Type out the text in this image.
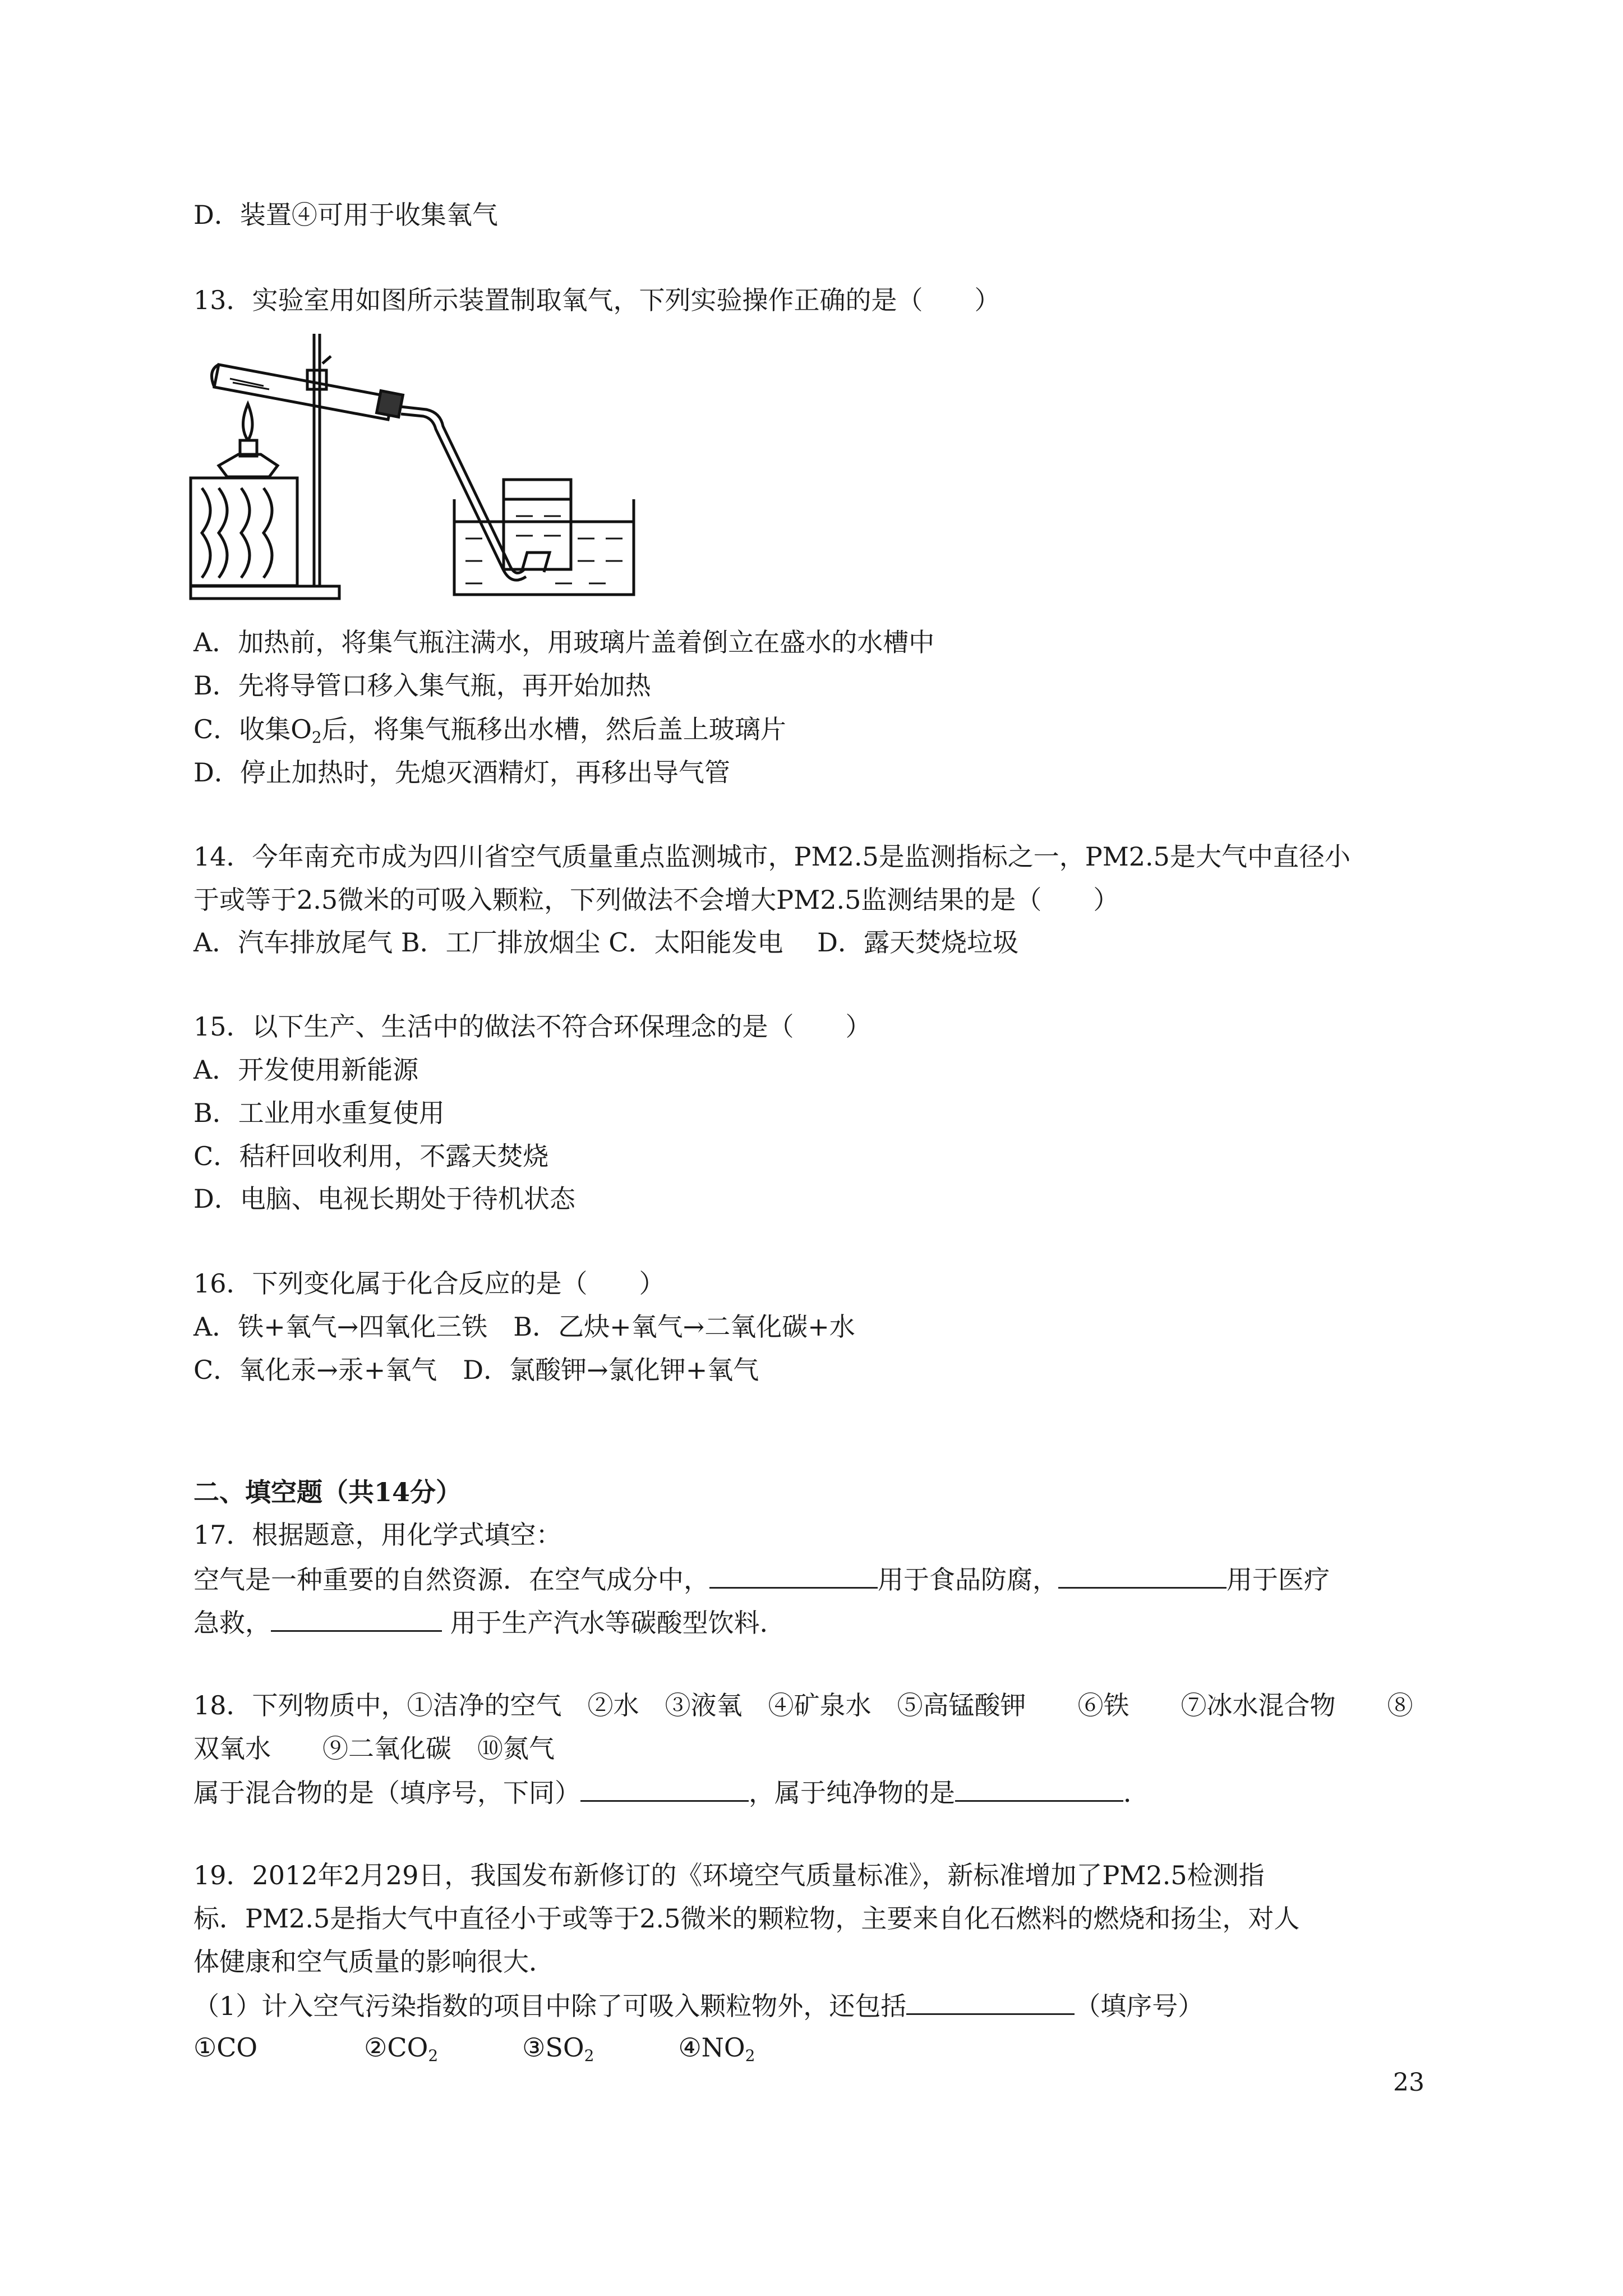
D．装置④可用于收集氧气
13．实验室用如图所示装置制取氧气，下列实验操作正确的是（　　）
A．加热前，将集气瓶注满水，用玻璃片盖着倒立在盛水的水槽中
B．先将导管口移入集气瓶，再开始加热
C．收集$O_2$后，将集气瓶移出水槽，然后盖上玻璃片
D．停止加热时，先熄灭酒精灯，再移出导气管
14．今年南充市成为四川省空气质量重点监测城市，PM2.5是监测指标之一，PM2.5是大气中直径小
于或等于2.5微米的可吸入颗粒，下列做法不会增大PM2.5监测结果的是（　　）
A．汽车排放尾气 B．工厂排放烟尘 C．太阳能发电　 D．露天焚烧垃圾
15．以下生产、生活中的做法不符合环保理念的是（　　）
A．开发使用新能源
B．工业用水重复使用
C．秸秆回收利用，不露天焚烧
D．电脑、电视长期处于待机状态
16．下列变化属于化合反应的是（　　）
A．铁+氧气→四氧化三铁　B．乙炔+氧气→二氧化碳+水
C．氧化汞→汞+氧气　D．氯酸钾→氯化钾+氧气
二、填空题（共14分）
17．根据题意，用化学式填空：
空气是一种重要的自然资源．在空气成分中，	用于食品防腐，	用于医疗
急救，	用于生产汽水等碳酸型饮料．
18．下列物质中，①洁净的空气　②水　③液氧　④矿泉水　⑤高锰酸钾　　⑥铁　　⑦冰水混合物　　⑧
双氧水　　⑨二氧化碳　⑩氮气
属于混合物的是（填序号，下同）	，属于纯净物的是	．
19．2012年2月29日，我国发布新修订的《环境空气质量标准》，新标准增加了PM2.5检测指
标．PM2.5是指大气中直径小于或等于2.5微米的颗粒物，主要来自化石燃料的燃烧和扬尘，对人
体健康和空气质量的影响很大．
（1）计入空气污染指数的项目中除了可吸入颗粒物外，还包括	（填序号）
①CO	$②CO_2$	$③SO_2$	$④NO_2$
23
